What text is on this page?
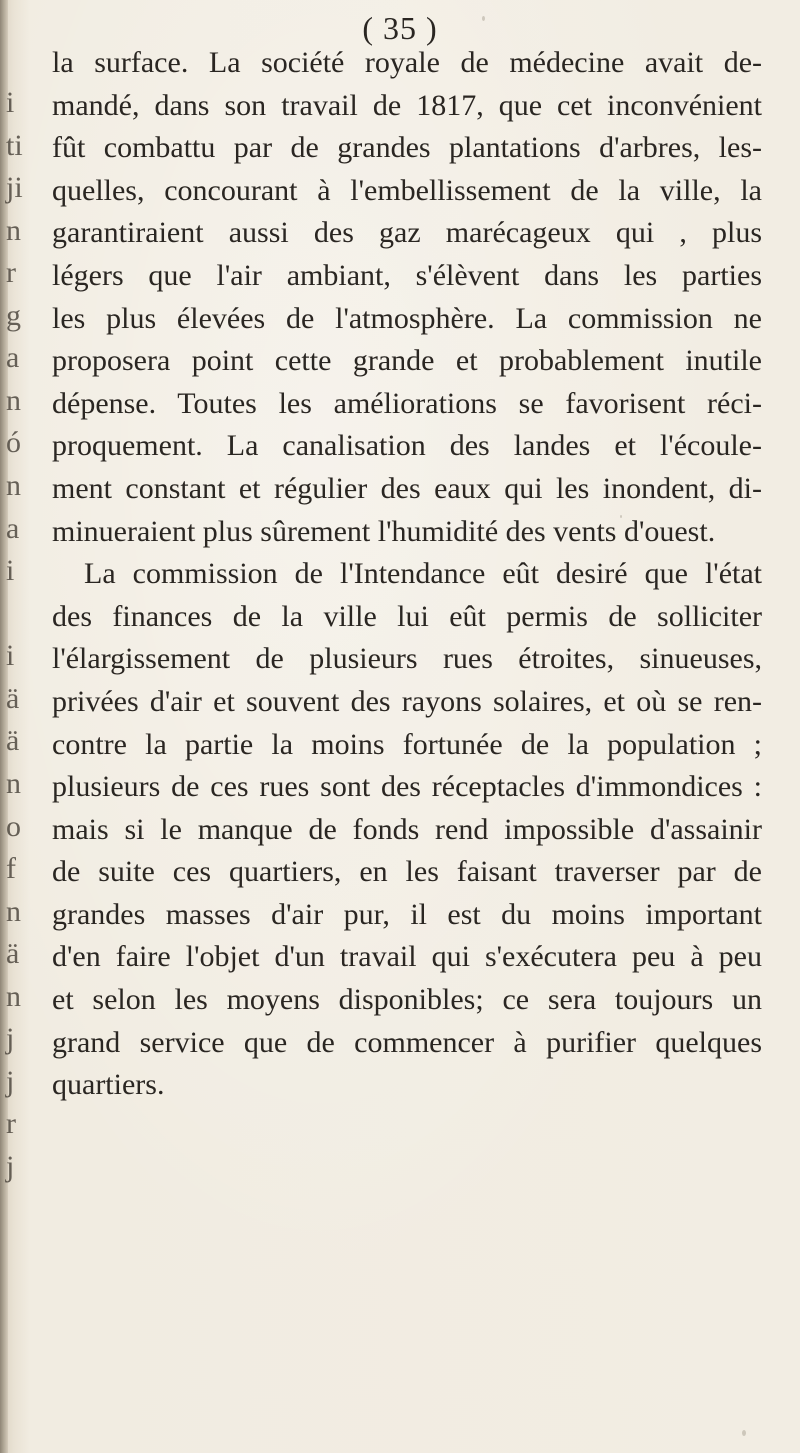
i
ti
ji
n
r
g
a
n
ó
n
a
i
i
ä
ä
n
o
f
n
ä
n
j
j
r
j
( 35 )
la surface. La société royale de médecine avait de-
mandé, dans son travail de 1817, que cet inconvénient
fût combattu par de grandes plantations d'arbres, les-
quelles, concourant à l'embellissement de la ville, la
garantiraient aussi des gaz marécageux qui , plus
légers que l'air ambiant, s'élèvent dans les parties
les plus élevées de l'atmosphère. La commission ne
proposera point cette grande et probablement inutile
dépense. Toutes les améliorations se favorisent réci-
proquement. La canalisation des landes et l'écoule-
ment constant et régulier des eaux qui les inondent, di-
minueraient plus sûrement l'humidité des vents d'ouest.
La commission de l'Intendance eût desiré que l'état
des finances de la ville lui eût permis de solliciter
l'élargissement de plusieurs rues étroites, sinueuses,
privées d'air et souvent des rayons solaires, et où se ren-
contre la partie la moins fortunée de la population ;
plusieurs de ces rues sont des réceptacles d'immondices :
mais si le manque de fonds rend impossible d'assainir
de suite ces quartiers, en les faisant traverser par de
grandes masses d'air pur, il est du moins important
d'en faire l'objet d'un travail qui s'exécutera peu à peu
et selon les moyens disponibles; ce sera toujours un
grand service que de commencer à purifier quelques
quartiers.
